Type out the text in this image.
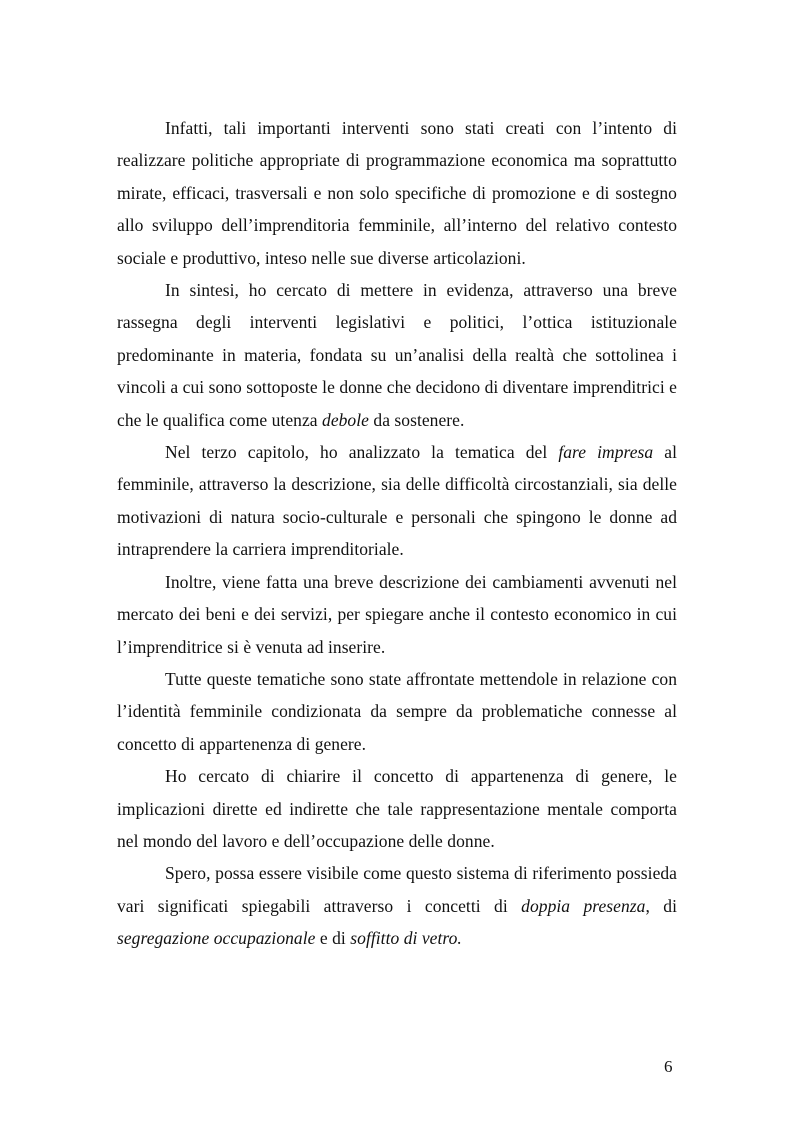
Infatti, tali importanti interventi sono stati creati con l’intento di realizzare politiche appropriate di programmazione economica ma soprattutto mirate, efficaci, trasversali e non solo specifiche di promozione e di sostegno allo sviluppo dell’imprenditoria femminile, all’interno del relativo contesto sociale e produttivo, inteso nelle sue diverse articolazioni.

In sintesi, ho cercato di mettere in evidenza, attraverso una breve rassegna degli interventi legislativi e politici, l’ottica istituzionale predominante in materia, fondata su un’analisi della realtà che sottolinea i vincoli a cui sono sottoposte le donne che decidono di diventare imprenditrici e che le qualifica come utenza debole da sostenere.

Nel terzo capitolo, ho analizzato la tematica del fare impresa al femminile, attraverso la descrizione, sia delle difficoltà circostanziali, sia delle motivazioni di natura socio-culturale e personali che spingono le donne ad intraprendere la carriera imprenditoriale.

Inoltre, viene fatta una breve descrizione dei cambiamenti avvenuti nel mercato dei beni e dei servizi, per spiegare anche il contesto economico in cui l’imprenditrice si è venuta ad inserire.

Tutte queste tematiche sono state affrontate mettendole in relazione con l’identità femminile condizionata da sempre da problematiche connesse al concetto di appartenenza di genere.

Ho cercato di chiarire il concetto di appartenenza di genere, le implicazioni dirette ed indirette che tale rappresentazione mentale comporta nel mondo del lavoro e dell’occupazione delle donne.

Spero, possa essere visibile come questo sistema di riferimento possieda vari significati spiegabili attraverso i concetti di doppia presenza, di segregazione occupazionale e di soffitto di vetro.

6
